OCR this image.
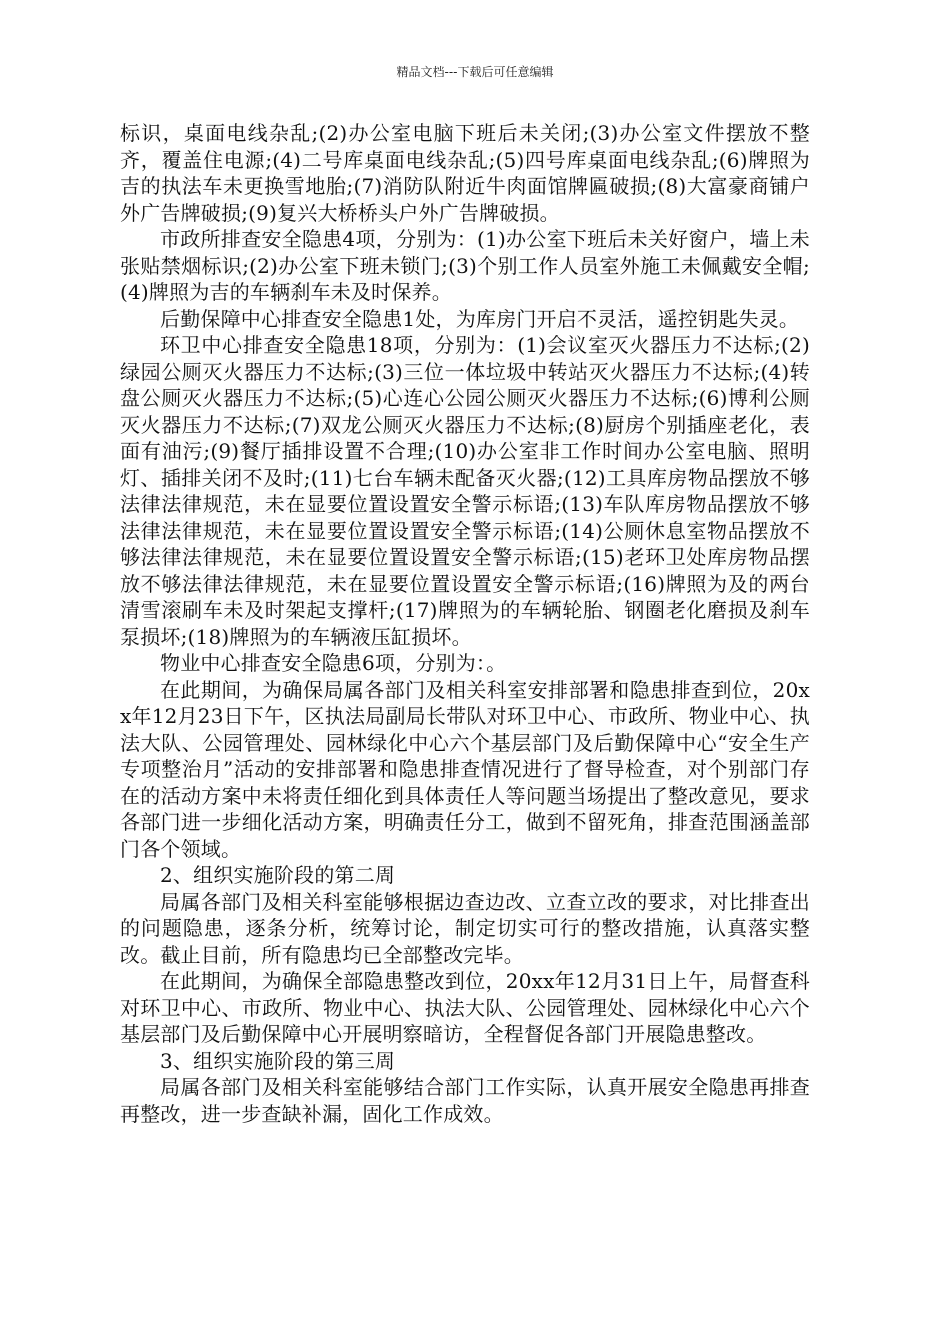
精品文档---下载后可任意编辑

标识，桌面电线杂乱;(2)办公室电脑下班后未关闭;(3)办公室文件摆放不整齐，覆盖住电源;(4)二号库桌面电线杂乱;(5)四号库桌面电线杂乱;(6)牌照为吉的执法车未更换雪地胎;(7)消防队附近牛肉面馆牌匾破损;(8)大富豪商铺户外广告牌破损;(9)复兴大桥桥头户外广告牌破损。

市政所排查安全隐患4项，分别为：(1)办公室下班后未关好窗户，墙上未张贴禁烟标识;(2)办公室下班未锁门;(3)个别工作人员室外施工未佩戴安全帽;(4)牌照为吉的车辆刹车未及时保养。

后勤保障中心排查安全隐患1处，为库房门开启不灵活，遥控钥匙失灵。

环卫中心排查安全隐患18项，分别为：(1)会议室灭火器压力不达标;(2)绿园公厕灭火器压力不达标;(3)三位一体垃圾中转站灭火器压力不达标;(4)转盘公厕灭火器压力不达标;(5)心连心公园公厕灭火器压力不达标;(6)博利公厕灭火器压力不达标;(7)双龙公厕灭火器压力不达标;(8)厨房个别插座老化，表面有油污;(9)餐厅插排设置不合理;(10)办公室非工作时间办公室电脑、照明灯、插排关闭不及时;(11)七台车辆未配备灭火器;(12)工具库房物品摆放不够法律法律规范，未在显要位置设置安全警示标语;(13)车队库房物品摆放不够法律法律规范，未在显要位置设置安全警示标语;(14)公厕休息室物品摆放不够法律法律规范，未在显要位置设置安全警示标语;(15)老环卫处库房物品摆放不够法律法律规范，未在显要位置设置安全警示标语;(16)牌照为及的两台清雪滚刷车未及时架起支撑杆;(17)牌照为的车辆轮胎、钢圈老化磨损及刹车泵损坏;(18)牌照为的车辆液压缸损坏。

物业中心排查安全隐患6项，分别为：。

在此期间，为确保局属各部门及相关科室安排部署和隐患排查到位，20xx年12月23日下午，区执法局副局长带队对环卫中心、市政所、物业中心、执法大队、公园管理处、园林绿化中心六个基层部门及后勤保障中心“安全生产专项整治月”活动的安排部署和隐患排查情况进行了督导检查，对个别部门存在的活动方案中未将责任细化到具体责任人等问题当场提出了整改意见，要求各部门进一步细化活动方案，明确责任分工，做到不留死角，排查范围涵盖部门各个领域。

2、组织实施阶段的第二周

局属各部门及相关科室能够根据边查边改、立查立改的要求，对比排查出的问题隐患，逐条分析，统筹讨论，制定切实可行的整改措施，认真落实整改。截止目前，所有隐患均已全部整改完毕。

在此期间，为确保全部隐患整改到位，20xx年12月31日上午，局督查科对环卫中心、市政所、物业中心、执法大队、公园管理处、园林绿化中心六个基层部门及后勤保障中心开展明察暗访，全程督促各部门开展隐患整改。

3、组织实施阶段的第三周

局属各部门及相关科室能够结合部门工作实际，认真开展安全隐患再排查再整改，进一步查缺补漏，固化工作成效。
